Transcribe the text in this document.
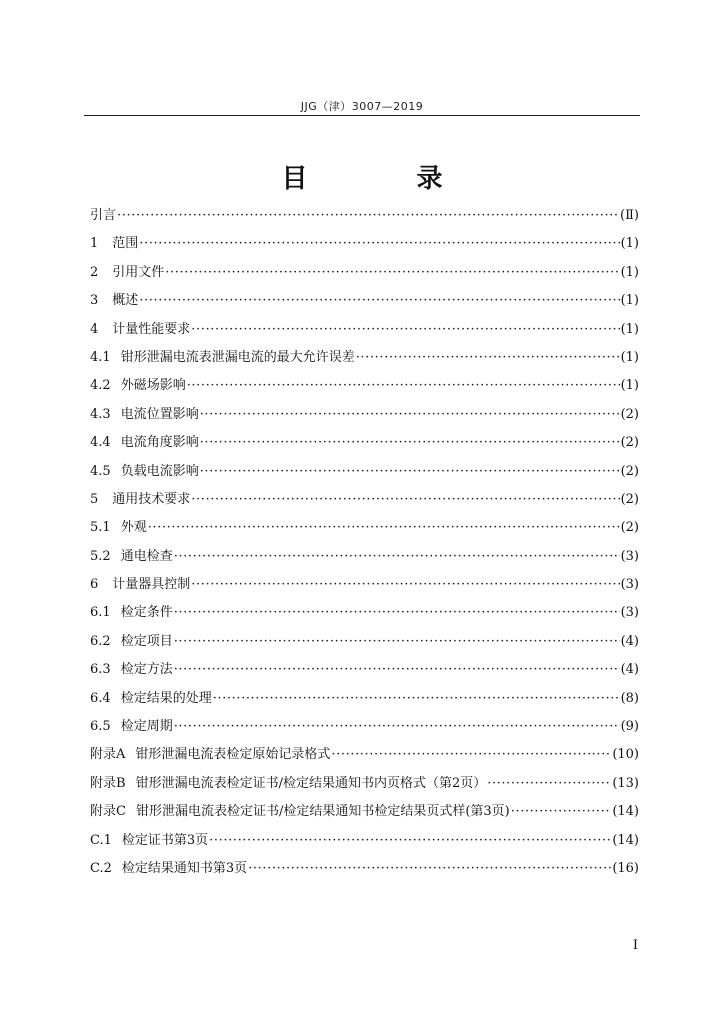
JJG（津）3007—2019
目 录
引言 ·····	(Ⅱ)
1 范围 ·····	(1)
2 引用文件 ·····	(1)
3 概述 ·····	(1)
4 计量性能要求 ·····	(1)
4.1 钳形泄漏电流表泄漏电流的最大允许误差 ·····	(1)
4.2 外磁场影响 ·····	(1)
4.3 电流位置影响 ·····	(2)
4.4 电流角度影响 ·····	(2)
4.5 负载电流影响 ·····	(2)
5 通用技术要求 ·····	(2)
5.1 外观 ·····	(2)
5.2 通电检查 ·····	(3)
6 计量器具控制 ·····	(3)
6.1 检定条件 ·····	(3)
6.2 检定项目 ·····	(4)
6.3 检定方法 ·····	(4)
6.4 检定结果的处理 ·····	(8)
6.5 检定周期 ·····	(9)
附录A 钳形泄漏电流表检定原始记录格式 ·····	(10)
附录B 钳形泄漏电流表检定证书/检定结果通知书内页格式（第2页） ·····	(13)
附录C 钳形泄漏电流表检定证书/检定结果通知书检定结果页式样(第3页) ·····	(14)
C.1 检定证书第3页 ·····	(14)
C.2 检定结果通知书第3页 ·····	(16)
I
